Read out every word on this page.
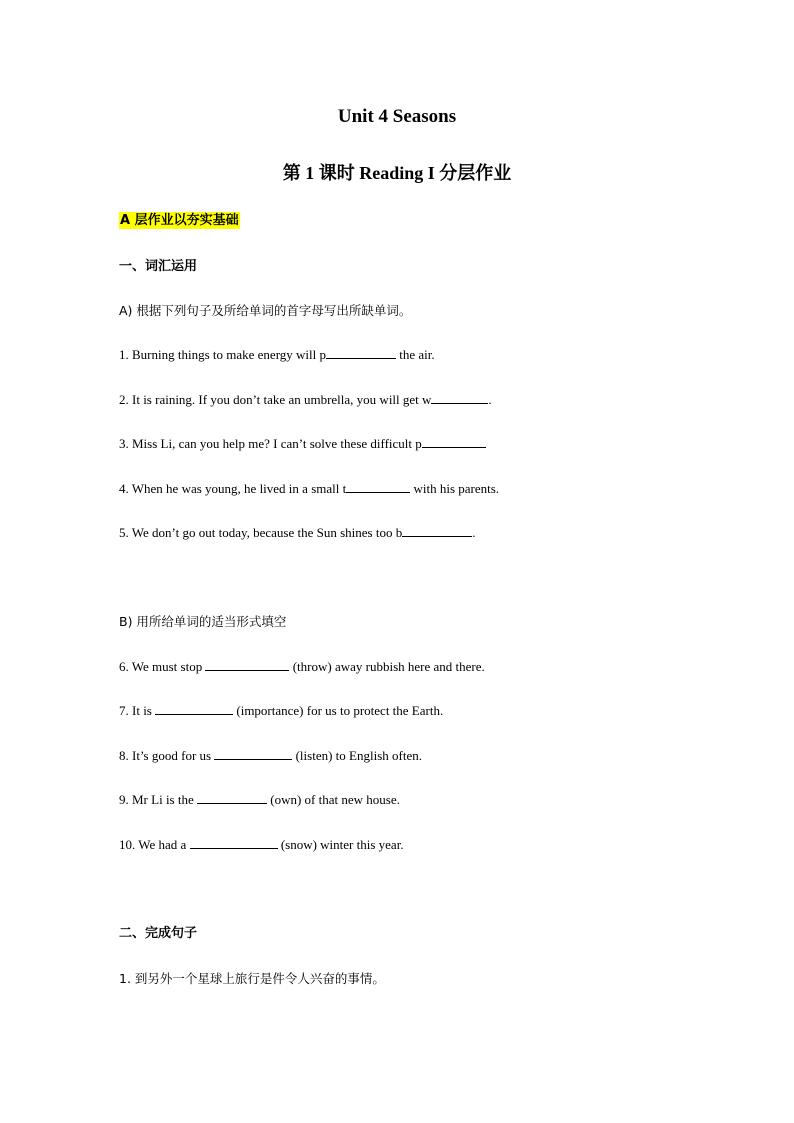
Unit 4 Seasons
第 1 课时 Reading I 分层作业
A 层作业以夯实基础
一、词汇运用
A) 根据下列句子及所给单词的首字母写出所缺单词。
1. Burning things to make energy will p	the air.
2. It is raining. If you don’t take an umbrella, you will get w	.
3. Miss Li, can you help me? I can’t solve these difficult p
4. When he was young, he lived in a small t	with his parents.
5. We don’t go out today, because the Sun shines too b	.
B) 用所给单词的适当形式填空
6. We must stop	(throw) away rubbish here and there.
7. It is	(importance) for us to protect the Earth.
8. It’s good for us	(listen) to English often.
9. Mr Li is the	(own) of that new house.
10. We had a	(snow) winter this year.
二、完成句子
1. 到另外一个星球上旅行是件令人兴奋的事情。
